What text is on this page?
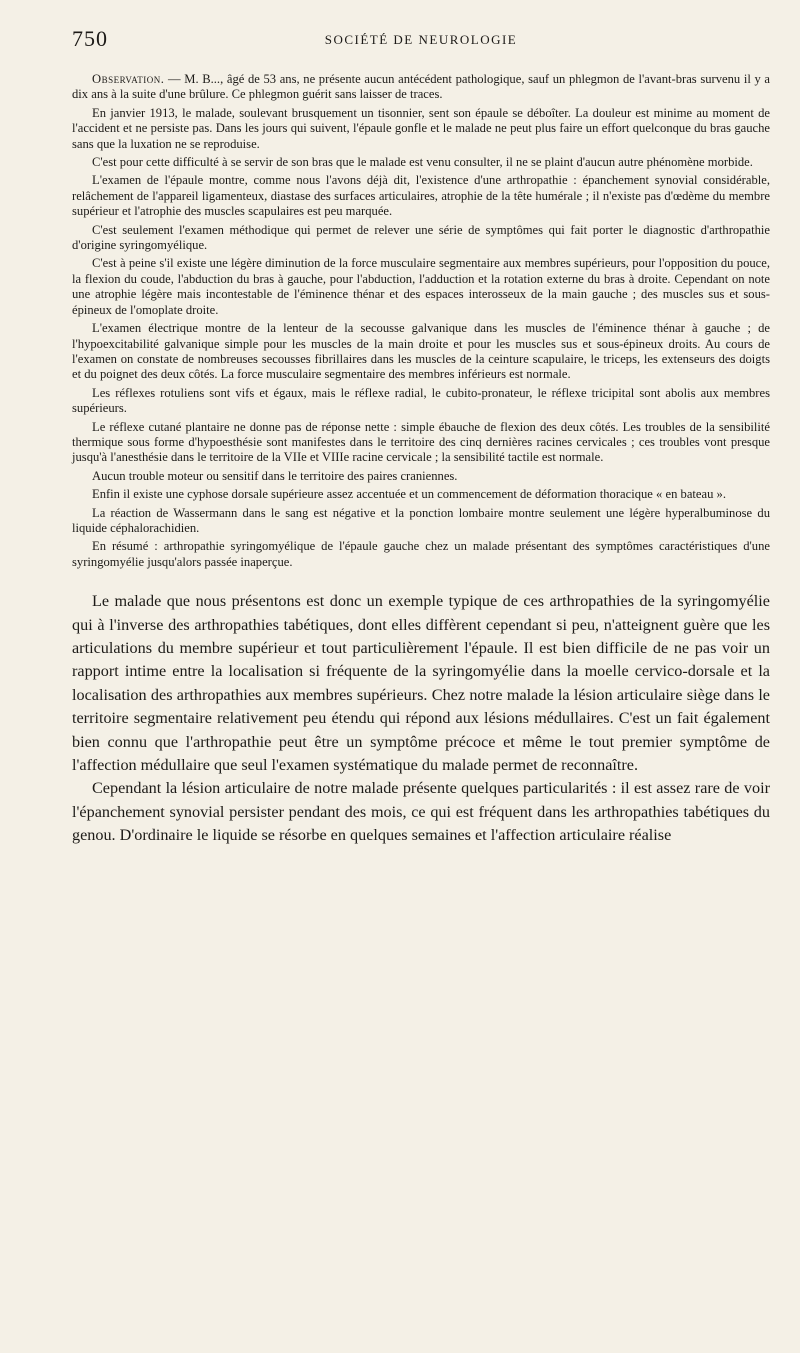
750	SOCIÉTÉ DE NEUROLOGIE

Observation. — M. B..., âgé de 53 ans, ne présente aucun antécédent pathologique, sauf un phlegmon de l'avant-bras survenu il y a dix ans à la suite d'une brûlure. Ce phlegmon guérit sans laisser de traces.

En janvier 1913, le malade, soulevant brusquement un tisonnier, sent son épaule se déboîter. La douleur est minime au moment de l'accident et ne persiste pas. Dans les jours qui suivent, l'épaule gonfle et le malade ne peut plus faire un effort quelconque du bras gauche sans que la luxation ne se reproduise.

C'est pour cette difficulté à se servir de son bras que le malade est venu consulter, il ne se plaint d'aucun autre phénomène morbide.

L'examen de l'épaule montre, comme nous l'avons déjà dit, l'existence d'une arthropathie : épanchement synovial considérable, relâchement de l'appareil ligamenteux, diastase des surfaces articulaires, atrophie de la tête humérale ; il n'existe pas d'œdème du membre supérieur et l'atrophie des muscles scapulaires est peu marquée.

C'est seulement l'examen méthodique qui permet de relever une série de symptômes qui fait porter le diagnostic d'arthropathie d'origine syringomyélique.

C'est à peine s'il existe une légère diminution de la force musculaire segmentaire aux membres supérieurs, pour l'opposition du pouce, la flexion du coude, l'abduction du bras à gauche, pour l'abduction, l'adduction et la rotation externe du bras à droite. Cependant on note une atrophie légère mais incontestable de l'éminence thénar et des espaces interosseux de la main gauche ; des muscles sus et sous-épineux de l'omoplate droite.

L'examen électrique montre de la lenteur de la secousse galvanique dans les muscles de l'éminence thénar à gauche ; de l'hypoexcitabilité galvanique simple pour les muscles de la main droite et pour les muscles sus et sous-épineux droits. Au cours de l'examen on constate de nombreuses secousses fibrillaires dans les muscles de la ceinture scapulaire, le triceps, les extenseurs des doigts et du poignet des deux côtés. La force musculaire segmentaire des membres inférieurs est normale.

Les réflexes rotuliens sont vifs et égaux, mais le réflexe radial, le cubito-pronateur, le réflexe tricipital sont abolis aux membres supérieurs.

Le réflexe cutané plantaire ne donne pas de réponse nette : simple ébauche de flexion des deux côtés. Les troubles de la sensibilité thermique sous forme d'hypoesthésie sont manifestes dans le territoire des cinq dernières racines cervicales ; ces troubles vont presque jusqu'à l'anesthésie dans le territoire de la VIIe et VIIIe racine cervicale ; la sensibilité tactile est normale.

Aucun trouble moteur ou sensitif dans le territoire des paires craniennes.

Enfin il existe une cyphose dorsale supérieure assez accentuée et un commencement de déformation thoracique « en bateau ».

La réaction de Wassermann dans le sang est négative et la ponction lombaire montre seulement une légère hyperalbuminose du liquide céphalorachidien.

En résumé : arthropathie syringomyélique de l'épaule gauche chez un malade présentant des symptômes caractéristiques d'une syringomyélie jusqu'alors passée inaperçue.

Le malade que nous présentons est donc un exemple typique de ces arthropathies de la syringomyélie qui à l'inverse des arthropathies tabétiques, dont elles diffèrent cependant si peu, n'atteignent guère que les articulations du membre supérieur et tout particulièrement l'épaule. Il est bien difficile de ne pas voir un rapport intime entre la localisation si fréquente de la syringomyélie dans la moelle cervico-dorsale et la localisation des arthropathies aux membres supérieurs. Chez notre malade la lésion articulaire siège dans le territoire segmentaire relativement peu étendu qui répond aux lésions médullaires. C'est un fait également bien connu que l'arthropathie peut être un symptôme précoce et même le tout premier symptôme de l'affection médullaire que seul l'examen systématique du malade permet de reconnaître.

Cependant la lésion articulaire de notre malade présente quelques particularités : il est assez rare de voir l'épanchement synovial persister pendant des mois, ce qui est fréquent dans les arthropathies tabétiques du genou. D'ordinaire le liquide se résorbe en quelques semaines et l'affection articulaire réalise
